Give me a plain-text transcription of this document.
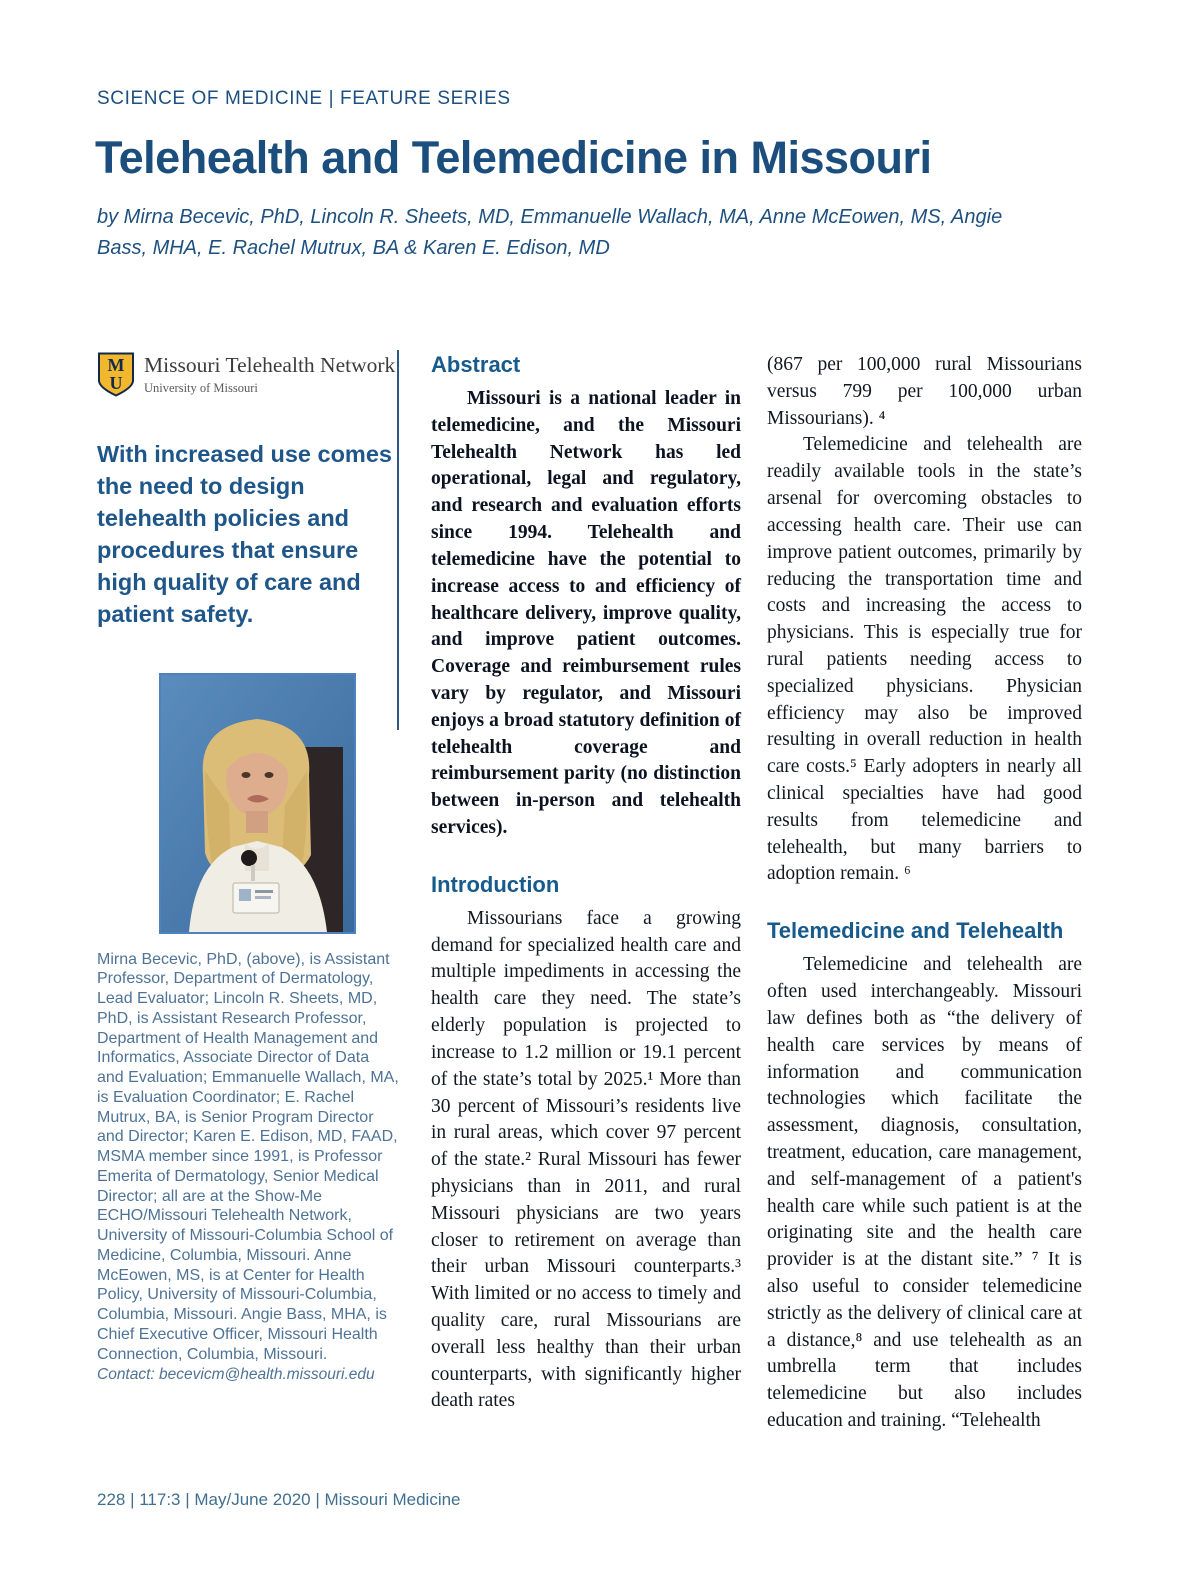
SCIENCE OF MEDICINE | FEATURE SERIES
Telehealth and Telemedicine in Missouri
by Mirna Becevic, PhD, Lincoln R. Sheets, MD, Emmanuelle Wallach, MA, Anne McEowen, MS, Angie Bass, MHA, E. Rachel Mutrux, BA & Karen E. Edison, MD
M
U
Missouri Telehealth Network
University of Missouri
With increased use comes the need to design telehealth policies and procedures that ensure high quality of care and patient safety.
Mirna Becevic, PhD, (above), is Assistant Professor, Department of Dermatology, Lead Evaluator; Lincoln R. Sheets, MD, PhD, is Assistant Research Professor, Department of Health Management and Informatics, Associate Director of Data and Evaluation; Emmanuelle Wallach, MA, is Evaluation Coordinator; E. Rachel Mutrux, BA, is Senior Program Director and Director; Karen E. Edison, MD, FAAD, MSMA member since 1991, is Professor Emerita of Dermatology, Senior Medical Director; all are at the Show-Me ECHO/Missouri Telehealth Network, University of Missouri-Columbia School of Medicine, Columbia, Missouri. Anne McEowen, MS, is at Center for Health Policy, University of Missouri-Columbia, Columbia, Missouri. Angie Bass, MHA, is Chief Executive Officer, Missouri Health Connection, Columbia, Missouri.
Contact: becevicm@health.missouri.edu
Abstract

Missouri is a national leader in telemedicine, and the Missouri Telehealth Network has led operational, legal and regulatory, and research and evaluation efforts since 1994. Telehealth and telemedicine have the potential to increase access to and efficiency of healthcare delivery, improve quality, and improve patient outcomes. Coverage and reimbursement rules vary by regulator, and Missouri enjoys a broad statutory definition of telehealth coverage and reimbursement parity (no distinction between in-person and telehealth services).

Introduction

Missourians face a growing demand for specialized health care and multiple impediments in accessing the health care they need. The state’s elderly population is projected to increase to 1.2 million or 19.1 percent of the state’s total by 2025.¹ More than 30 percent of Missouri’s residents live in rural areas, which cover 97 percent of the state.² Rural Missouri has fewer physicians than in 2011, and rural Missouri physicians are two years closer to retirement on average than their urban Missouri counterparts.³ With limited or no access to timely and quality care, rural Missourians are overall less healthy than their urban counterparts, with significantly higher death rates

(867 per 100,000 rural Missourians versus 799 per 100,000 urban Missourians). ⁴

Telemedicine and telehealth are readily available tools in the state’s arsenal for overcoming obstacles to accessing health care. Their use can improve patient outcomes, primarily by reducing the transportation time and costs and increasing the access to physicians. This is especially true for rural patients needing access to specialized physicians. Physician efficiency may also be improved resulting in overall reduction in health care costs.⁵ Early adopters in nearly all clinical specialties have had good results from telemedicine and telehealth, but many barriers to adoption remain. ⁶

Telemedicine and Telehealth

Telemedicine and telehealth are often used interchangeably. Missouri law defines both as “the delivery of health care services by means of information and communication technologies which facilitate the assessment, diagnosis, consultation, treatment, education, care management, and self-management of a patient's health care while such patient is at the originating site and the health care provider is at the distant site.” ⁷ It is also useful to consider telemedicine strictly as the delivery of clinical care at a distance,⁸ and use telehealth as an umbrella term that includes telemedicine but also includes education and training. “Telehealth

228 | 117:3 | May/June 2020 | Missouri Medicine
